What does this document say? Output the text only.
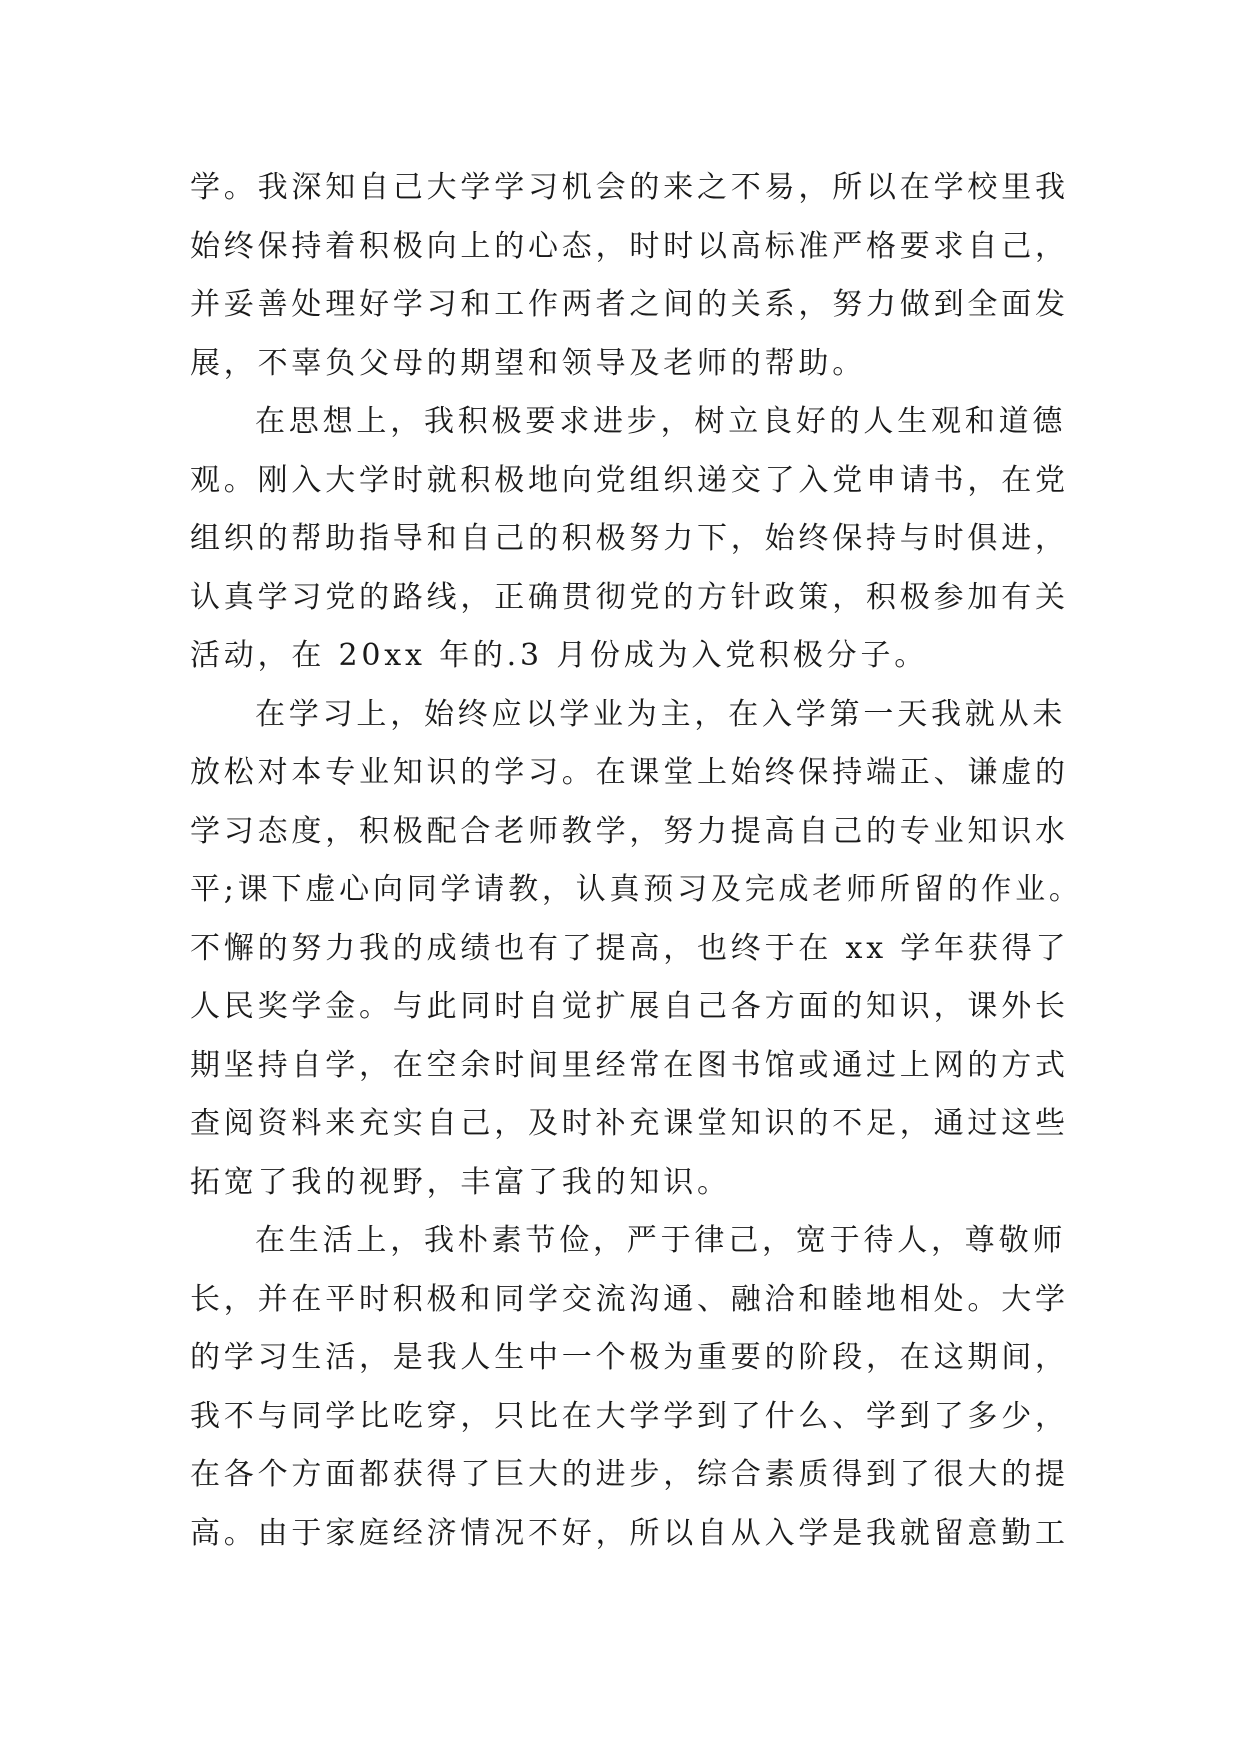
学。我深知自己大学学习机会的来之不易，所以在学校里我
始终保持着积极向上的心态，时时以高标准严格要求自己，
并妥善处理好学习和工作两者之间的关系，努力做到全面发
展，不辜负父母的期望和领导及老师的帮助。
在思想上，我积极要求进步，树立良好的人生观和道德
观。刚入大学时就积极地向党组织递交了入党申请书，在党
组织的帮助指导和自己的积极努力下，始终保持与时俱进，
认真学习党的路线，正确贯彻党的方针政策，积极参加有关
活动，在 20xx 年的.3 月份成为入党积极分子。
在学习上，始终应以学业为主，在入学第一天我就从未
放松对本专业知识的学习。在课堂上始终保持端正、谦虚的
学习态度，积极配合老师教学，努力提高自己的专业知识水
平;课下虚心向同学请教，认真预习及完成老师所留的作业。
不懈的努力我的成绩也有了提高，也终于在 xx 学年获得了
人民奖学金。与此同时自觉扩展自己各方面的知识，课外长
期坚持自学，在空余时间里经常在图书馆或通过上网的方式
查阅资料来充实自己，及时补充课堂知识的不足，通过这些
拓宽了我的视野，丰富了我的知识。
在生活上，我朴素节俭，严于律己，宽于待人，尊敬师
长，并在平时积极和同学交流沟通、融洽和睦地相处。大学
的学习生活，是我人生中一个极为重要的阶段，在这期间，
我不与同学比吃穿，只比在大学学到了什么、学到了多少，
在各个方面都获得了巨大的进步，综合素质得到了很大的提
高。由于家庭经济情况不好，所以自从入学是我就留意勤工
